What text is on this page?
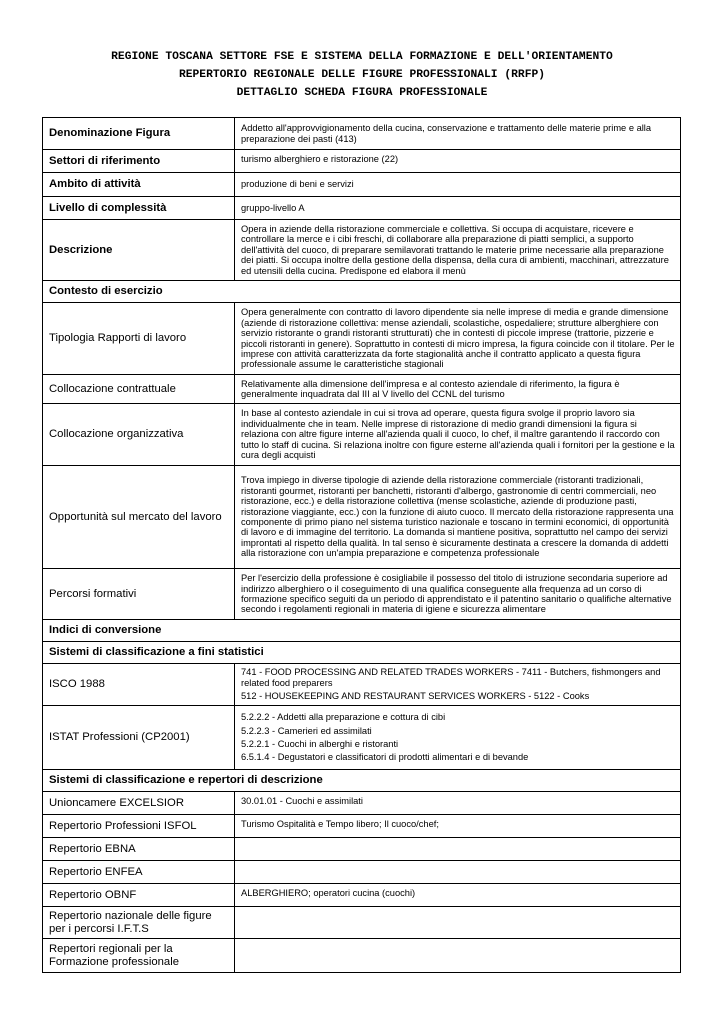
REGIONE TOSCANA SETTORE FSE E SISTEMA DELLA FORMAZIONE E DELL'ORIENTAMENTO
REPERTORIO REGIONALE DELLE FIGURE PROFESSIONALI (RRFP)
DETTAGLIO SCHEDA FIGURA PROFESSIONALE
Denominazione Figura	Addetto all'approvvigionamento della cucina, conservazione e trattamento delle materie prime e alla preparazione dei pasti (413)
Settori di riferimento	turismo alberghiero e ristorazione (22)
Ambito di attività	produzione di beni e servizi
Livello di complessità	gruppo-livello A
Descrizione	Opera in aziende della ristorazione commerciale e collettiva. Si occupa di acquistare, ricevere e controllare la merce e i cibi freschi, di collaborare alla preparazione di piatti semplici, a supporto dell'attività del cuoco, di preparare semilavorati trattando le materie prime necessarie alla preparazione dei piatti. Si occupa inoltre della gestione della dispensa, della cura di ambienti, macchinari, attrezzature ed utensili della cucina. Predispone ed elabora il menù
Contesto di esercizio	
Tipologia Rapporti di lavoro	Opera generalmente con contratto di lavoro dipendente sia nelle imprese di media e grande dimensione (aziende di ristorazione collettiva: mense aziendali, scolastiche, ospedaliere; strutture alberghiere con servizio ristorante o grandi ristoranti strutturati) che in contesti di piccole imprese (trattorie, pizzerie e piccoli ristoranti in genere). Soprattutto in contesti di micro impresa, la figura coincide con il titolare. Per le imprese con attività caratterizzata da forte stagionalità anche il contratto applicato a questa figura professionale assume le caratteristiche stagionali
Collocazione contrattuale	Relativamente alla dimensione dell'impresa e al contesto aziendale di riferimento, la figura è generalmente inquadrata dal III al V livello del CCNL del turismo
Collocazione organizzativa	In base al contesto aziendale in cui si trova ad operare, questa figura svolge il proprio lavoro sia individualmente che in team. Nelle imprese di ristorazione di medio grandi dimensioni la figura si relaziona con altre figure interne all'azienda quali il cuoco, lo chef, il maître garantendo il raccordo con tutto lo staff di cucina. Si relaziona inoltre con figure esterne all'azienda quali i fornitori per la gestione e la cura degli acquisti
Opportunità sul mercato del lavoro	Trova impiego in diverse tipologie di aziende della ristorazione commerciale (ristoranti tradizionali, ristoranti gourmet, ristoranti per banchetti, ristoranti d'albergo, gastronomie di centri commerciali, neo ristorazione, ecc.) e della ristorazione collettiva (mense scolastiche, aziende di produzione pasti, ristorazione viaggiante, ecc.) con la funzione di aiuto cuoco. Il mercato della ristorazione rappresenta una componente di primo piano nel sistema turistico nazionale e toscano in termini economici, di opportunità di lavoro e di immagine del territorio. La domanda si mantiene positiva, soprattutto nel campo dei servizi improntati al rispetto della qualità. In tal senso è sicuramente destinata a crescere la domanda di addetti alla ristorazione con un'ampia preparazione e competenza professionale
Percorsi formativi	Per l'esercizio della professione è cosigliabile il possesso del titolo di istruzione secondaria superiore ad indirizzo alberghiero o il coseguimento di una qualifica conseguente alla frequenza ad un corso di formazione specifico seguiti da un periodo di apprendistato e il patentino sanitario o qualifiche alternative secondo i regolamenti regionali in materia di igiene e sicurezza alimentare
Indici di conversione	
Sistemi di classificazione a fini statistici	
ISCO 1988	741 - FOOD PROCESSING AND RELATED TRADES WORKERS - 7411 - Butchers, fishmongers and related food preparers
512 - HOUSEKEEPING AND RESTAURANT SERVICES WORKERS - 5122 - Cooks

ISTAT Professioni (CP2001)	5.2.2.2 - Addetti alla preparazione e cottura di cibi
5.2.2.3 - Camerieri ed assimilati
5.2.2.1 - Cuochi in alberghi e ristoranti
6.5.1.4 - Degustatori e classificatori di prodotti alimentari e di bevande

Sistemi di classificazione e repertori di descrizione	
Unioncamere EXCELSIOR	30.01.01 - Cuochi e assimilati
Repertorio Professioni ISFOL	Turismo Ospitalità e Tempo libero; Il cuoco/chef;
Repertorio EBNA	
Repertorio ENFEA	
Repertorio OBNF	ALBERGHIERO; operatori cucina (cuochi)
Repertorio nazionale delle figure per i percorsi I.F.T.S	
Repertori regionali per la Formazione professionale	
